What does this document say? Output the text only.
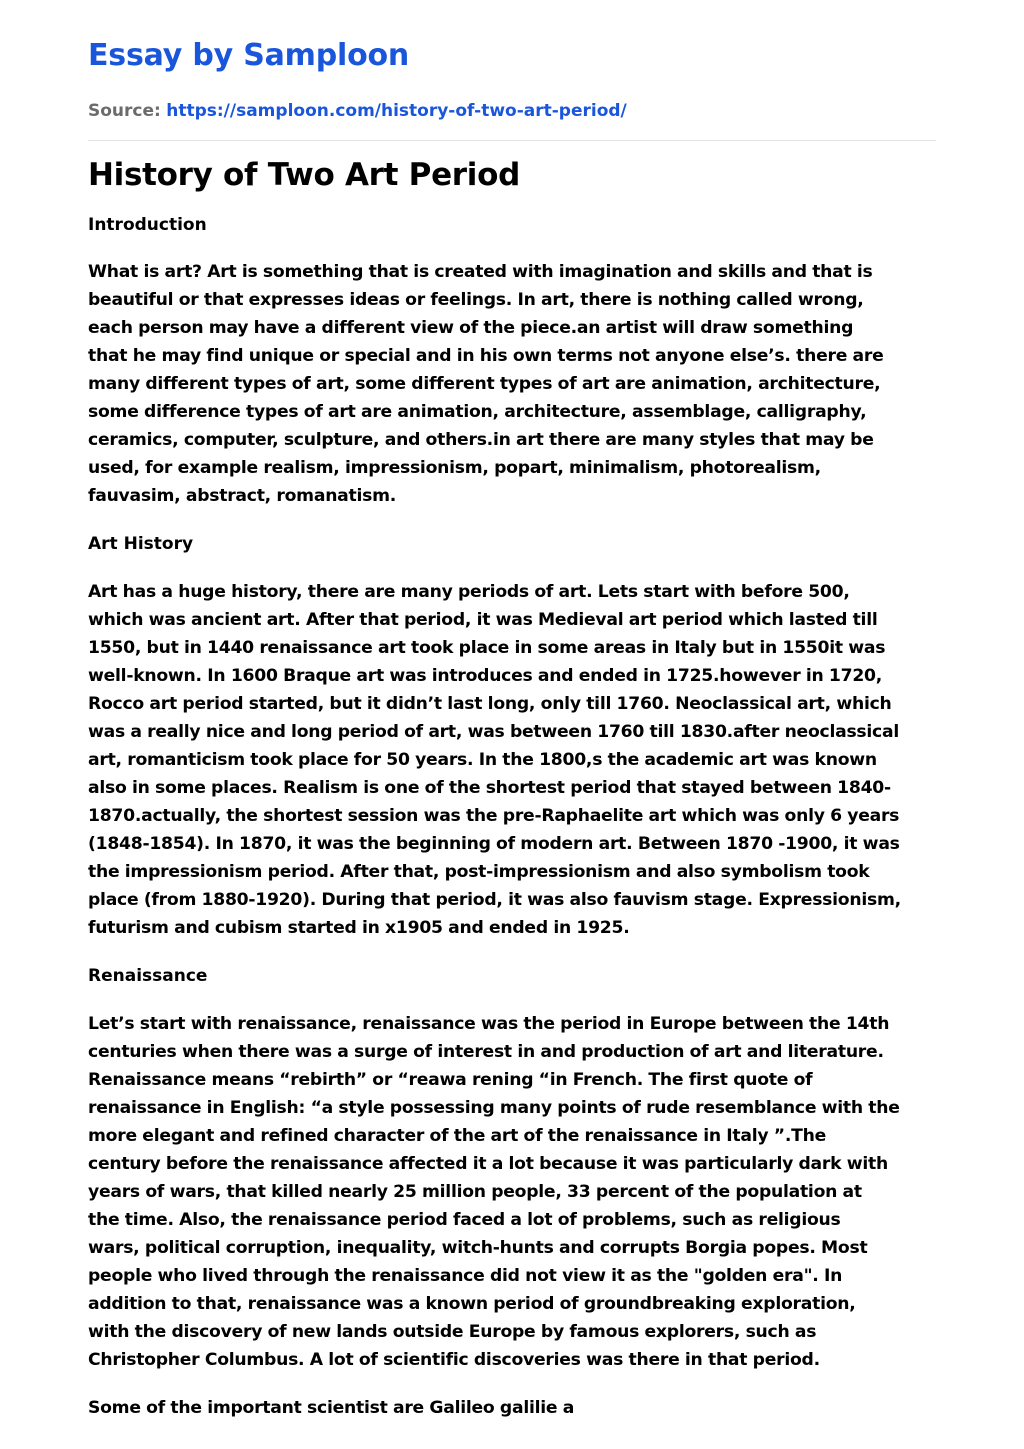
Essay by Samploon
Source: https://samploon.com/history-of-two-art-period/
History of Two Art Period
Introduction
What is art? Art is something that is created with imagination and skills and that is
beautiful or that expresses ideas or feelings. In art, there is nothing called wrong,
each person may have a different view of the piece.an artist will draw something
that he may find unique or special and in his own terms not anyone else’s. there are
many different types of art, some different types of art are animation, architecture,
some difference types of art are animation, architecture, assemblage, calligraphy,
ceramics, computer, sculpture, and others.in art there are many styles that may be
used, for example realism, impressionism, popart, minimalism, photorealism,
fauvasim, abstract, romanatism.
Art History
Art has a huge history, there are many periods of art. Lets start with before 500,
which was ancient art. After that period, it was Medieval art period which lasted till
1550, but in 1440 renaissance art took place in some areas in Italy but in 1550it was
well-known. In 1600 Braque art was introduces and ended in 1725.however in 1720,
Rocco art period started, but it didn’t last long, only till 1760. Neoclassical art, which
was a really nice and long period of art, was between 1760 till 1830.after neoclassical
art, romanticism took place for 50 years. In the 1800,s the academic art was known
also in some places. Realism is one of the shortest period that stayed between 1840-
1870.actually, the shortest session was the pre-Raphaelite art which was only 6 years
(1848-1854). In 1870, it was the beginning of modern art. Between 1870 -1900, it was
the impressionism period. After that, post-impressionism and also symbolism took
place (from 1880-1920). During that period, it was also fauvism stage. Expressionism,
futurism and cubism started in x1905 and ended in 1925.
Renaissance
Let’s start with renaissance, renaissance was the period in Europe between the 14th
centuries when there was a surge of interest in and production of art and literature.
Renaissance means “rebirth” or “reawa rening “in French. The first quote of
renaissance in English: “a style possessing many points of rude resemblance with the
more elegant and refined character of the art of the renaissance in Italy ”.The
century before the renaissance affected it a lot because it was particularly dark with
years of wars, that killed nearly 25 million people, 33 percent of the population at
the time. Also, the renaissance period faced a lot of problems, such as religious
wars, political corruption, inequality, witch-hunts and corrupts Borgia popes. Most
people who lived through the renaissance did not view it as the "golden era". In
addition to that, renaissance was a known period of groundbreaking exploration,
with the discovery of new lands outside Europe by famous explorers, such as
Christopher Columbus. A lot of scientific discoveries was there in that period.
Some of the important scientist are Galileo galilie a
